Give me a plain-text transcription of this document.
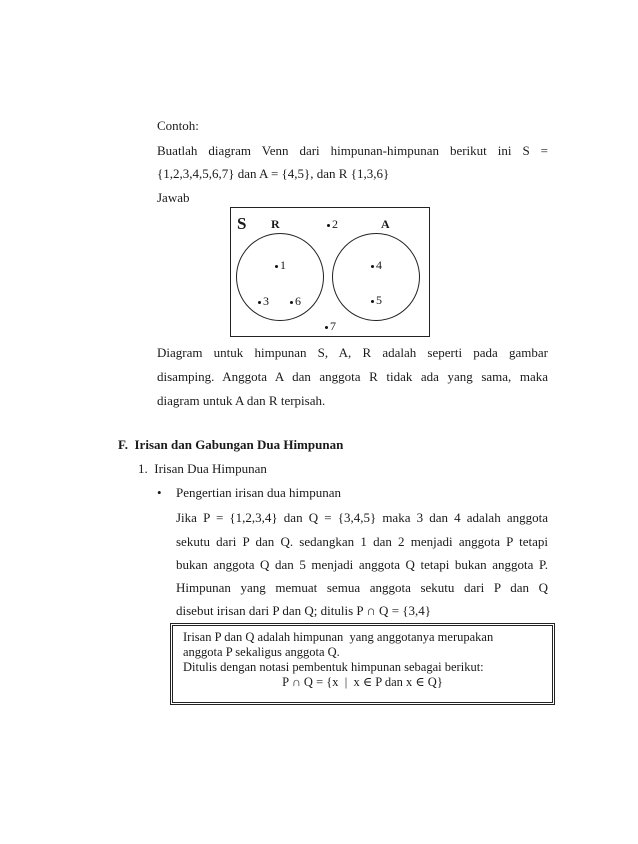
Contoh:
Buatlah diagram Venn dari himpunan-himpunan berikut ini S =
{1,2,3,4,5,6,7} dan A = {4,5}, dan R {1,3,6}
Jawab
S R	A
2
7
1
3	6
4
5
Diagram untuk himpunan S, A, R adalah seperti pada gambar
disamping. Anggota A dan anggota R tidak ada yang sama, maka
diagram untuk A dan R terpisah.
F.  Irisan dan Gabungan Dua Himpunan
1.  Irisan Dua Himpunan
• Pengertian irisan dua himpunan
Jika P = {1,2,3,4} dan Q = {3,4,5} maka 3 dan 4 adalah anggota
sekutu dari P dan Q. sedangkan 1 dan 2 menjadi anggota P tetapi
bukan anggota Q dan 5 menjadi anggota Q tetapi bukan anggota P.
Himpunan yang memuat semua anggota sekutu dari P dan Q
disebut irisan dari P dan Q; ditulis P ∩ Q = {3,4}
Irisan P dan Q adalah himpunan  yang anggotanya merupakan
anggota P sekaligus anggota Q.
Ditulis dengan notasi pembentuk himpunan sebagai berikut:
P ∩ Q = {x  |  x ∈ P dan x ∈ Q}
